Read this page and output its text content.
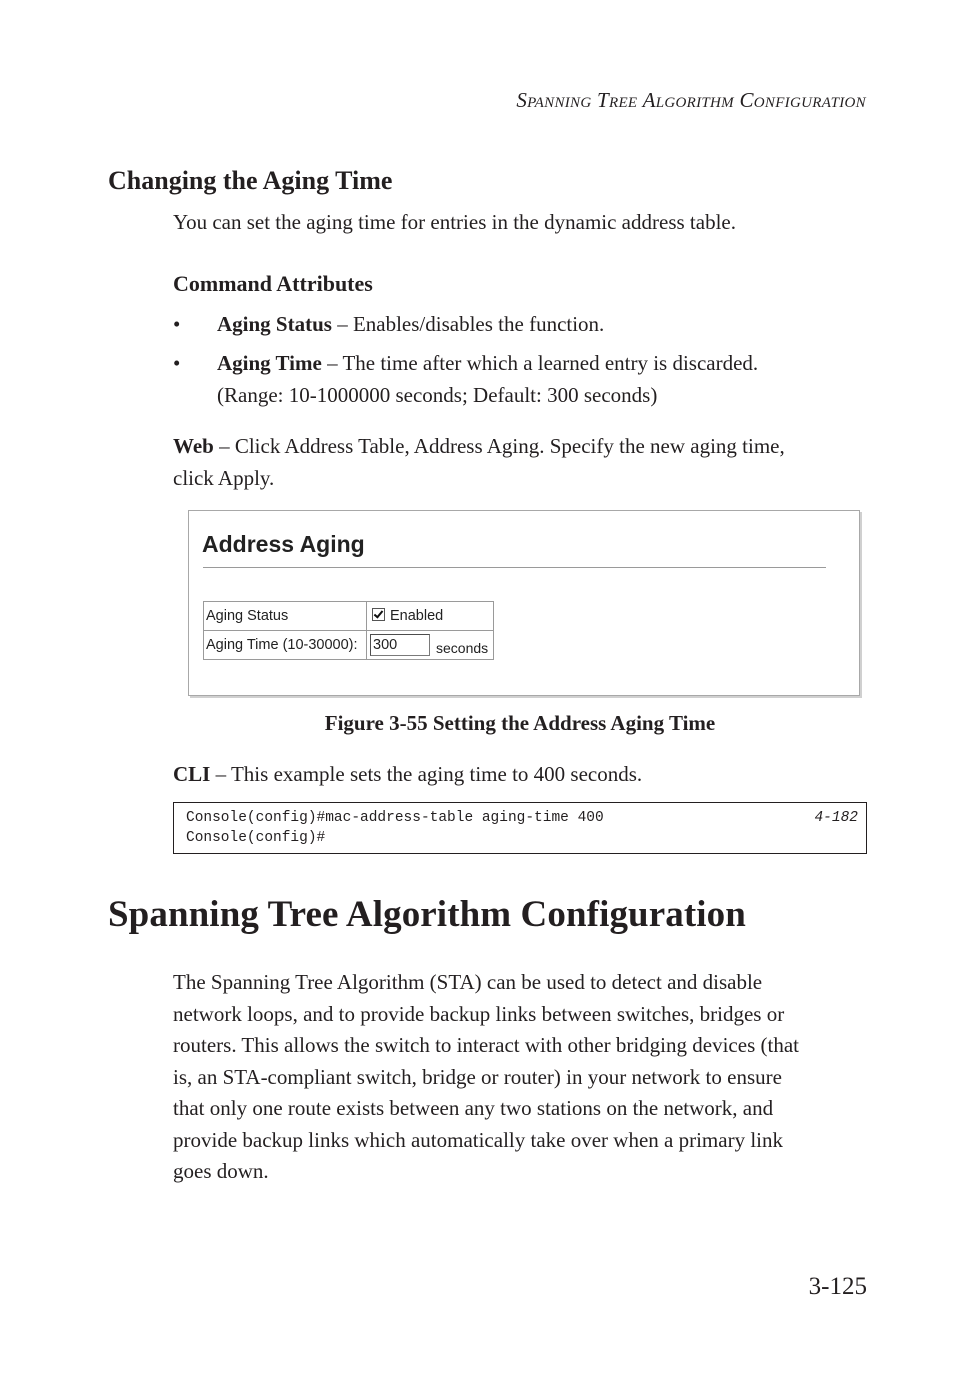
Spanning Tree Algorithm Configuration
Changing the Aging Time
You can set the aging time for entries in the dynamic address table.
Command Attributes
• Aging Status – Enables/disables the function.
• Aging Time – The time after which a learned entry is discarded.
(Range: 10-1000000 seconds; Default: 300 seconds)
Web – Click Address Table, Address Aging. Specify the new aging time,
click Apply.
Address Aging
Aging Status	Enabled
Aging Time (10-30000):	300 seconds
Figure 3-55 Setting the Address Aging Time
CLI – This example sets the aging time to 400 seconds.
Console(config)#mac-address-table aging-time 400	4-182
Console(config)#
Spanning Tree Algorithm Configuration
The Spanning Tree Algorithm (STA) can be used to detect and disable
network loops, and to provide backup links between switches, bridges or
routers. This allows the switch to interact with other bridging devices (that
is, an STA-compliant switch, bridge or router) in your network to ensure
that only one route exists between any two stations on the network, and
provide backup links which automatically take over when a primary link
goes down.
3-125
